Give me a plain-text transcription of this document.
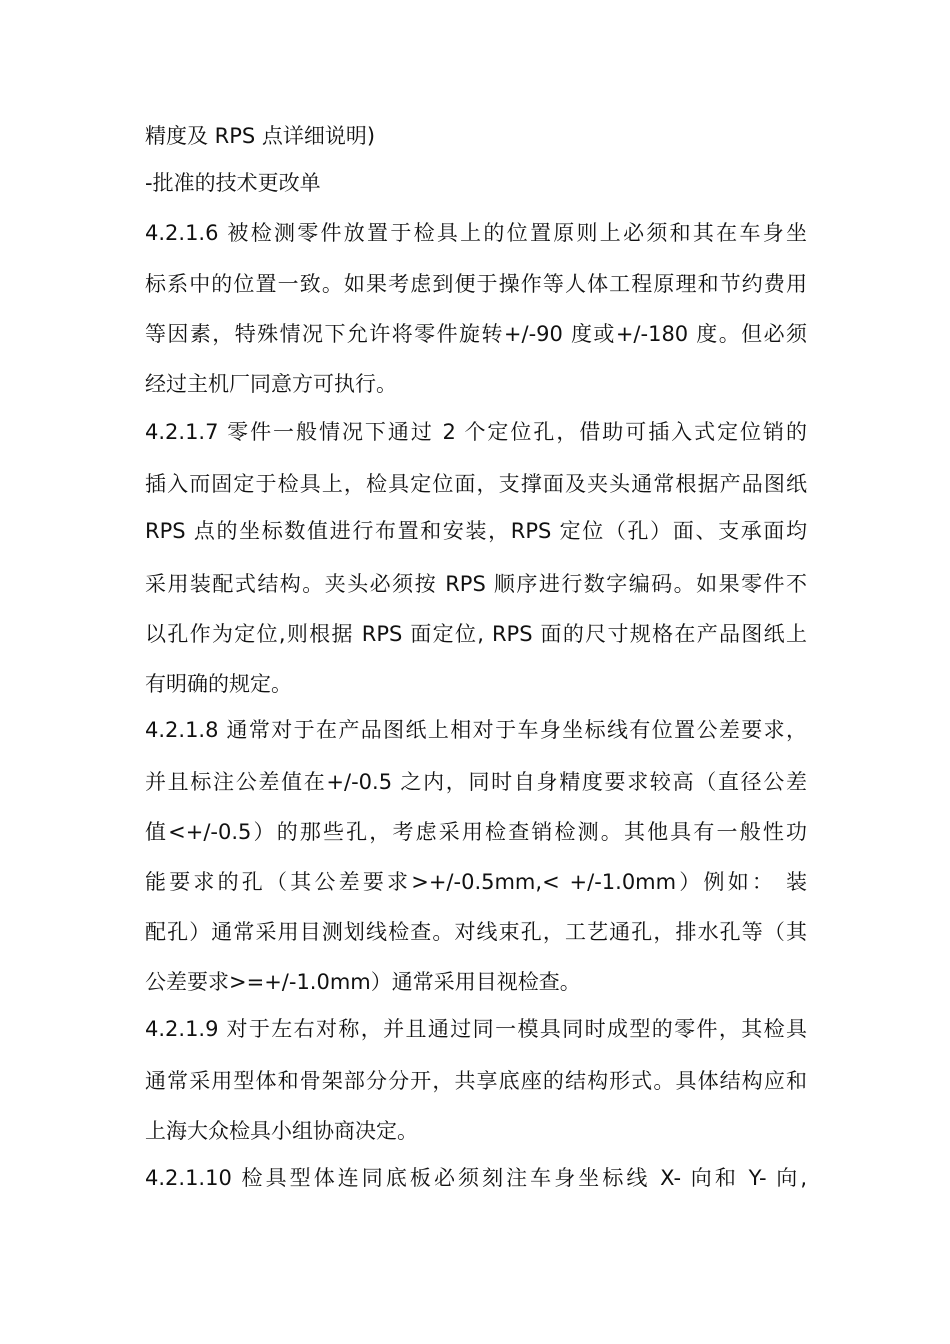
精度及 RPS 点详细说明)
-批准的技术更改单
4.2.1.6 被检测零件放置于检具上的位置原则上必须和其在车身坐
标系中的位置一致。如果考虑到便于操作等人体工程原理和节约费用
等因素，特殊情况下允许将零件旋转+/-90 度或+/-180 度。但必须
经过主机厂同意方可执行。
4.2.1.7 零件一般情况下通过 2 个定位孔，借助可插入式定位销的
插入而固定于检具上，检具定位面，支撑面及夹头通常根据产品图纸
RPS 点的坐标数值进行布置和安装，RPS 定位（孔）面、支承面均
采用装配式结构。夹头必须按 RPS 顺序进行数字编码。如果零件不
以孔作为定位,则根据 RPS 面定位, RPS 面的尺寸规格在产品图纸上
有明确的规定。
4.2.1.8 通常对于在产品图纸上相对于车身坐标线有位置公差要求，
并且标注公差值在+/-0.5 之内，同时自身精度要求较高（直径公差
值<+/-0.5）的那些孔，考虑采用检查销检测。其他具有一般性功
能要求的孔（其公差要求>+/-0.5mm,< +/-1.0mm）例如： 装
配孔）通常采用目测划线检查。对线束孔，工艺通孔，排水孔等（其
公差要求>=+/-1.0mm）通常采用目视检查。
4.2.1.9 对于左右对称，并且通过同一模具同时成型的零件，其检具
通常采用型体和骨架部分分开，共享底座的结构形式。具体结构应和
上海大众检具小组协商决定。
4.2.1.10 检具型体连同底板必须刻注车身坐标线 X- 向和 Y- 向,
